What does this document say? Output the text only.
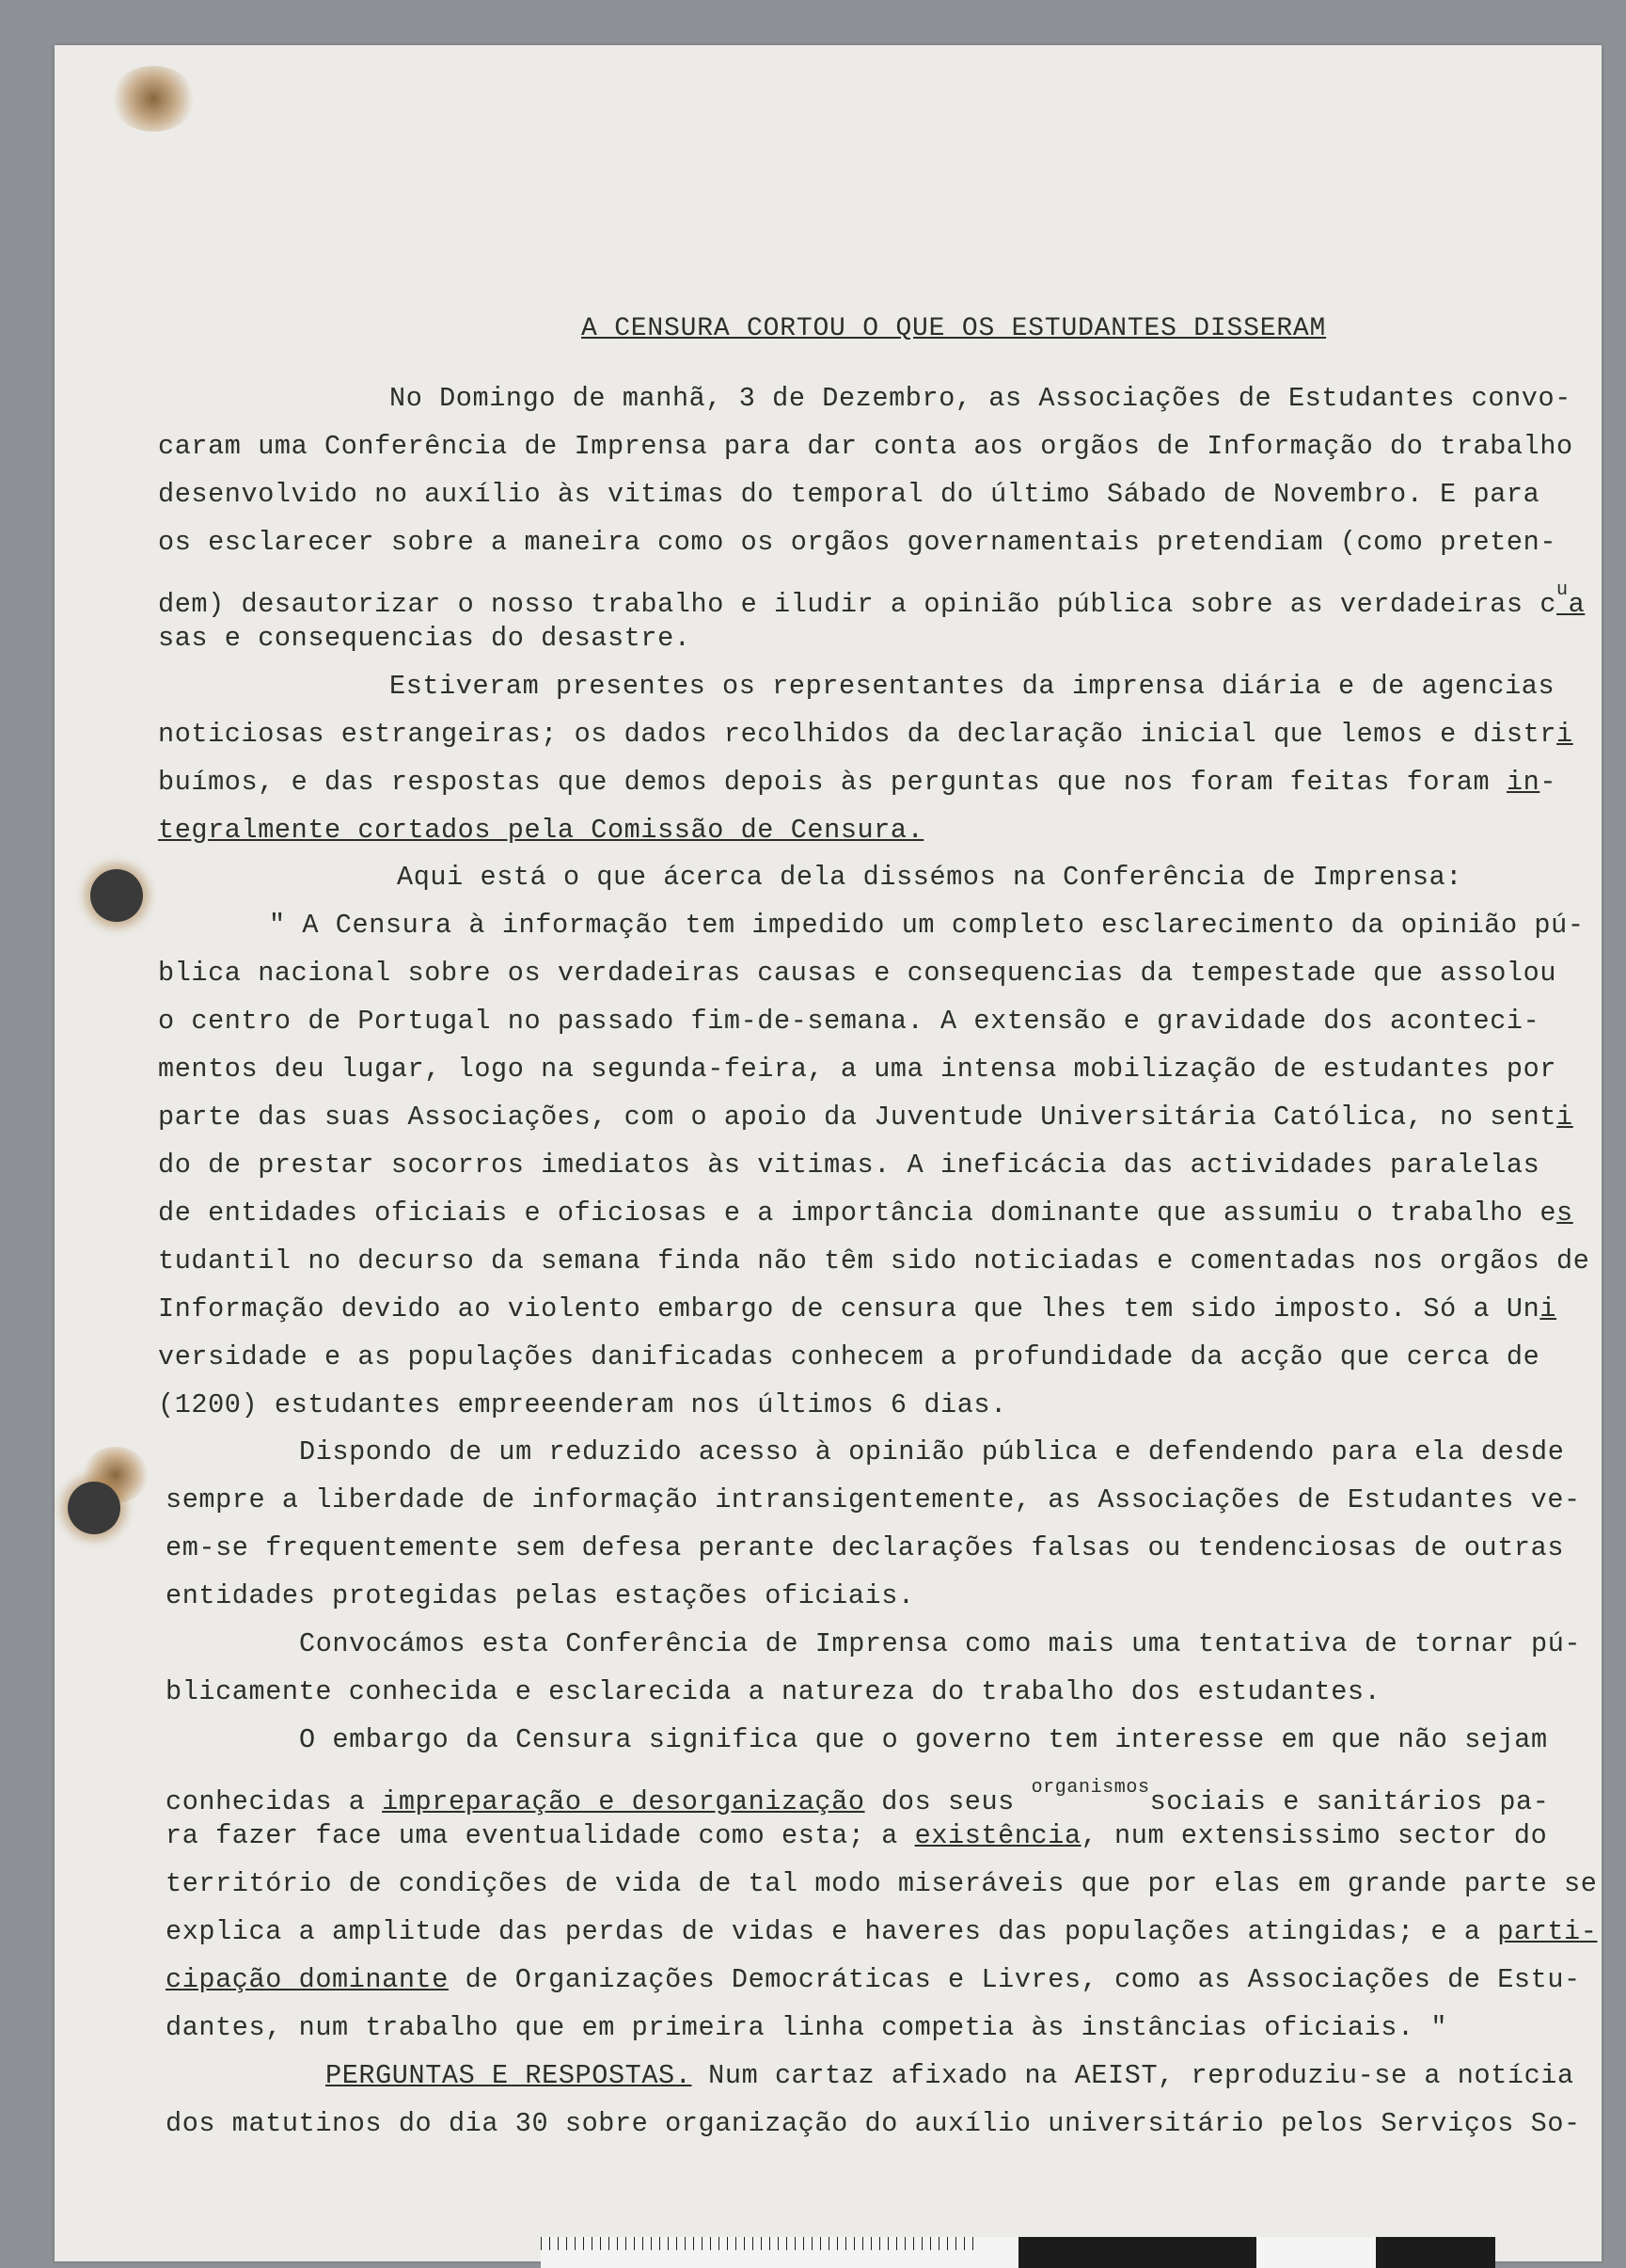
A CENSURA CORTOU O QUE OS ESTUDANTES DISSERAM
No Domingo de manhã, 3 de Dezembro, as Associações de Estudantes convo-
caram uma Conferência de Imprensa para dar conta aos orgãos de Informação do trabalho
desenvolvido no auxílio às vitimas do temporal do último Sábado de Novembro. E para
os esclarecer sobre a maneira como os orgãos governamentais pretendiam (como preten-
dem) desautorizar o nosso trabalho e iludir a opinião pública sobre as verdadeiras $c^ua$
sas e consequencias do desastre.
Estiveram presentes os representantes da imprensa diária e de agencias
noticiosas estrangeiras; os dados recolhidos da declaração inicial que lemos e distri
buímos, e das respostas que demos depois às perguntas que nos foram feitas foram in-
tegralmente cortados pela Comissão de Censura.
Aqui está o que ácerca dela dissémos na Conferência de Imprensa:
" A Censura à informação tem impedido um completo esclarecimento da opinião pú-
blica nacional sobre os verdadeiras causas e consequencias da tempestade que assolou
o centro de Portugal no passado fim-de-semana. A extensão e gravidade dos aconteci-
mentos deu lugar, logo na segunda-feira, a uma intensa mobilização de estudantes por
parte das suas Associações, com o apoio da Juventude Universitária Católica, no senti
do de prestar socorros imediatos às vitimas. A ineficácia das actividades paralelas
de entidades oficiais e oficiosas e a importância dominante que assumiu o trabalho es
tudantil no decurso da semana finda não têm sido noticiadas e comentadas nos orgãos de
Informação devido ao violento embargo de censura que lhes tem sido imposto. Só a Uni
versidade e as populações danificadas conhecem a profundidade da acção que cerca de
(1200) estudantes empreeenderam nos últimos 6 dias.
Dispondo de um reduzido acesso à opinião pública e defendendo para ela desde
sempre a liberdade de informação intransigentemente, as Associações de Estudantes ve-
em-se frequentemente sem defesa perante declarações falsas ou tendenciosas de outras
entidades protegidas pelas estações oficiais.
Convocámos esta Conferência de Imprensa como mais uma tentativa de tornar pú-
blicamente conhecida e esclarecida a natureza do trabalho dos estudantes.
O embargo da Censura significa que o governo tem interesse em que não sejam
conhecidas a impreparação e desorganização dos seus $^{organismos}$sociais e sanitários pa-
ra fazer face uma eventualidade como esta; a existência, num extensissimo sector do
território de condições de vida de tal modo miseráveis que por elas em grande parte se
explica a amplitude das perdas de vidas e haveres das populações atingidas; e a parti-
cipação dominante de Organizações Democráticas e Livres, como as Associações de Estu-
dantes, num trabalho que em primeira linha competia às instâncias oficiais. "
PERGUNTAS E RESPOSTAS. Num cartaz afixado na AEIST, reproduziu-se a notícia
dos matutinos do dia 30 sobre organização do auxílio universitário pelos Serviços So-
